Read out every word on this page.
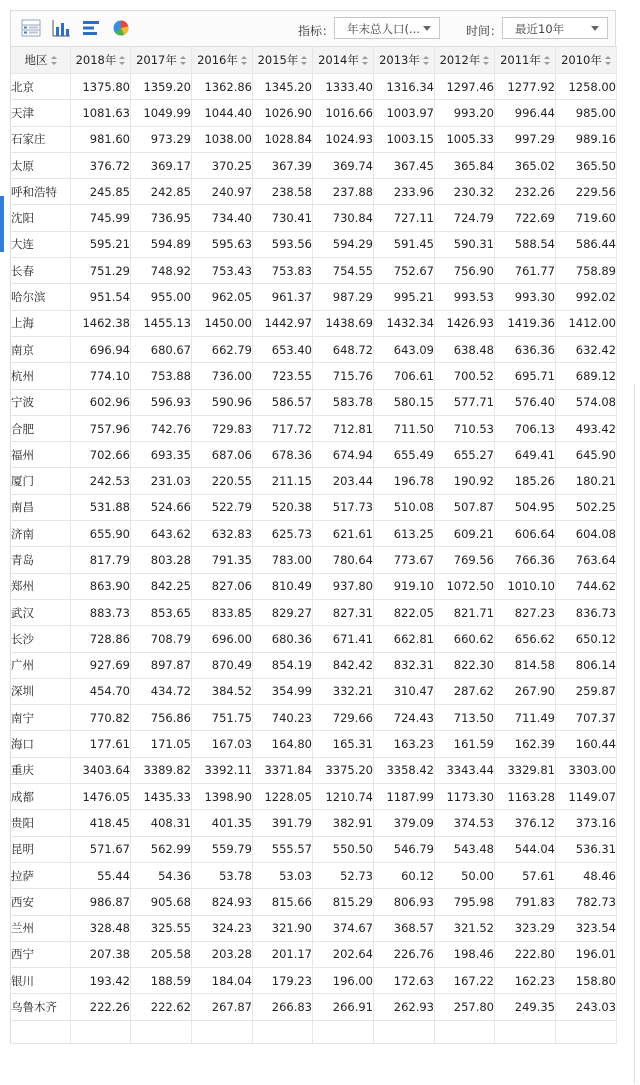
指标：	年末总人口(...	时间：	最近10年
地区	2018年	2017年	2016年	2015年	2014年	2013年	2012年	2011年	2010年
北京	1375.80	1359.20	1362.86	1345.20	1333.40	1316.34	1297.46	1277.92	1258.00
天津	1081.63	1049.99	1044.40	1026.90	1016.66	1003.97	993.20	996.44	985.00
石家庄	981.60	973.29	1038.00	1028.84	1024.93	1003.15	1005.33	997.29	989.16
太原	376.72	369.17	370.25	367.39	369.74	367.45	365.84	365.02	365.50
呼和浩特	245.85	242.85	240.97	238.58	237.88	233.96	230.32	232.26	229.56
沈阳	745.99	736.95	734.40	730.41	730.84	727.11	724.79	722.69	719.60
大连	595.21	594.89	595.63	593.56	594.29	591.45	590.31	588.54	586.44
长春	751.29	748.92	753.43	753.83	754.55	752.67	756.90	761.77	758.89
哈尔滨	951.54	955.00	962.05	961.37	987.29	995.21	993.53	993.30	992.02
上海	1462.38	1455.13	1450.00	1442.97	1438.69	1432.34	1426.93	1419.36	1412.00
南京	696.94	680.67	662.79	653.40	648.72	643.09	638.48	636.36	632.42
杭州	774.10	753.88	736.00	723.55	715.76	706.61	700.52	695.71	689.12
宁波	602.96	596.93	590.96	586.57	583.78	580.15	577.71	576.40	574.08
合肥	757.96	742.76	729.83	717.72	712.81	711.50	710.53	706.13	493.42
福州	702.66	693.35	687.06	678.36	674.94	655.49	655.27	649.41	645.90
厦门	242.53	231.03	220.55	211.15	203.44	196.78	190.92	185.26	180.21
南昌	531.88	524.66	522.79	520.38	517.73	510.08	507.87	504.95	502.25
济南	655.90	643.62	632.83	625.73	621.61	613.25	609.21	606.64	604.08
青岛	817.79	803.28	791.35	783.00	780.64	773.67	769.56	766.36	763.64
郑州	863.90	842.25	827.06	810.49	937.80	919.10	1072.50	1010.10	744.62
武汉	883.73	853.65	833.85	829.27	827.31	822.05	821.71	827.23	836.73
长沙	728.86	708.79	696.00	680.36	671.41	662.81	660.62	656.62	650.12
广州	927.69	897.87	870.49	854.19	842.42	832.31	822.30	814.58	806.14
深圳	454.70	434.72	384.52	354.99	332.21	310.47	287.62	267.90	259.87
南宁	770.82	756.86	751.75	740.23	729.66	724.43	713.50	711.49	707.37
海口	177.61	171.05	167.03	164.80	165.31	163.23	161.59	162.39	160.44
重庆	3403.64	3389.82	3392.11	3371.84	3375.20	3358.42	3343.44	3329.81	3303.00
成都	1476.05	1435.33	1398.90	1228.05	1210.74	1187.99	1173.30	1163.28	1149.07
贵阳	418.45	408.31	401.35	391.79	382.91	379.09	374.53	376.12	373.16
昆明	571.67	562.99	559.79	555.57	550.50	546.79	543.48	544.04	536.31
拉萨	55.44	54.36	53.78	53.03	52.73	60.12	50.00	57.61	48.46
西安	986.87	905.68	824.93	815.66	815.29	806.93	795.98	791.83	782.73
兰州	328.48	325.55	324.23	321.90	374.67	368.57	321.52	323.29	323.54
西宁	207.38	205.58	203.28	201.17	202.64	226.76	198.46	222.80	196.01
银川	193.42	188.59	184.04	179.23	196.00	172.63	167.22	162.23	158.80
乌鲁木齐	222.26	222.62	267.87	266.83	266.91	262.93	257.80	249.35	243.03
